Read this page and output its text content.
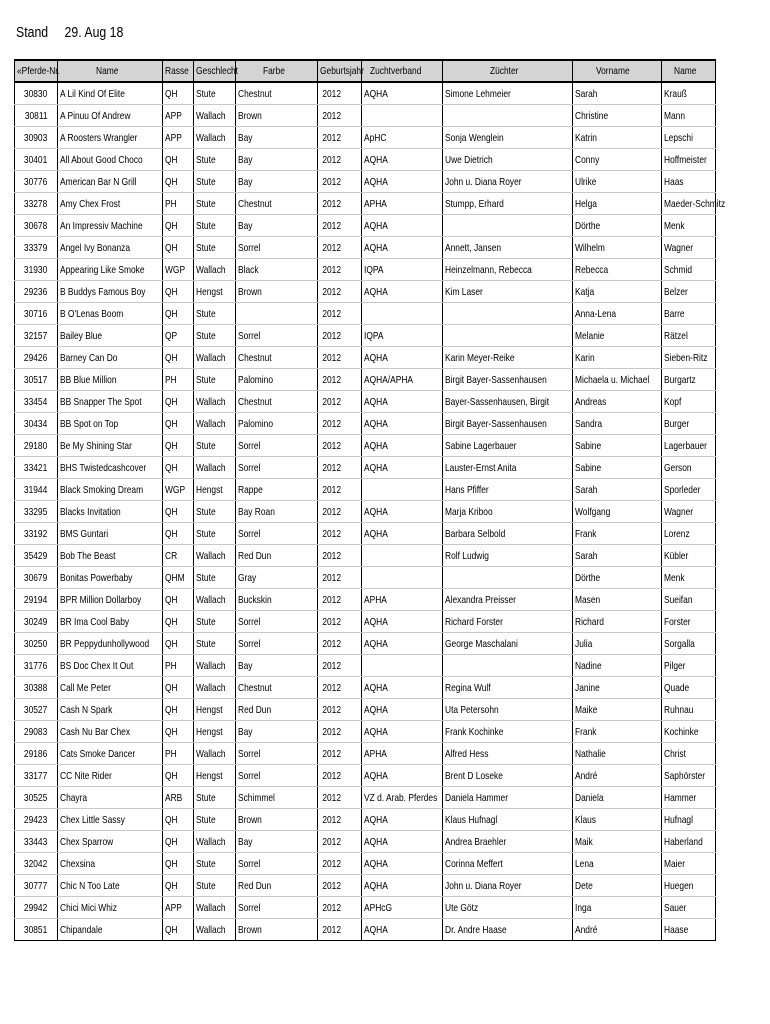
Stand 29. Aug 18
«Pferde-Nr.	Name	Rasse	Geschlecht	Farbe	Geburtsjahr	Zuchtverband	Züchter	Vorname	Name
30830	A Lil Kind Of Elite	QH	Stute	Chestnut	2012	AQHA	Simone Lehmeier	Sarah	Krauß
30811	A Pinuu Of Andrew	APP	Wallach	Brown	2012			Christine	Mann
30903	A Roosters Wrangler	APP	Wallach	Bay	2012	ApHC	Sonja Wenglein	Katrin	Lepschi
30401	All About Good Choco	QH	Stute	Bay	2012	AQHA	Uwe Dietrich	Conny	Hoffmeister
30776	American Bar N Grill	QH	Stute	Bay	2012	AQHA	John u. Diana Royer	Ulrike	Haas
33278	Amy Chex Frost	PH	Stute	Chestnut	2012	APHA	Stumpp, Erhard	Helga	Maeder-Schmitz
30678	An Impressiv Machine	QH	Stute	Bay	2012	AQHA		Dörthe	Menk
33379	Angel Ivy Bonanza	QH	Stute	Sorrel	2012	AQHA	Annett, Jansen	Wilhelm	Wagner
31930	Appearing Like Smoke	WGP	Wallach	Black	2012	IQPA	Heinzelmann, Rebecca	Rebecca	Schmid
29236	B Buddys Famous Boy	QH	Hengst	Brown	2012	AQHA	Kim Laser	Katja	Belzer
30716	B O'Lenas Boom	QH	Stute		2012			Anna-Lena	Barre
32157	Bailey Blue	QP	Stute	Sorrel	2012	IQPA		Melanie	Rätzel
29426	Barney Can Do	QH	Wallach	Chestnut	2012	AQHA	Karin Meyer-Reike	Karin	Sieben-Ritz
30517	BB Blue Million	PH	Stute	Palomino	2012	AQHA/APHA	Birgit Bayer-Sassenhausen	Michaela u. Michael	Burgartz
33454	BB Snapper The Spot	QH	Wallach	Chestnut	2012	AQHA	Bayer-Sassenhausen, Birgit	Andreas	Kopf
30434	BB Spot on Top	QH	Wallach	Palomino	2012	AQHA	Birgit Bayer-Sassenhausen	Sandra	Burger
29180	Be My Shining Star	QH	Stute	Sorrel	2012	AQHA	Sabine Lagerbauer	Sabine	Lagerbauer
33421	BHS Twistedcashcover	QH	Wallach	Sorrel	2012	AQHA	Lauster-Ernst Anita	Sabine	Gerson
31944	Black Smoking Dream	WGP	Hengst	Rappe	2012		Hans Pfiffer	Sarah	Sporleder
33295	Blacks Invitation	QH	Stute	Bay Roan	2012	AQHA	Marja Kriboo	Wolfgang	Wagner
33192	BMS Guntari	QH	Stute	Sorrel	2012	AQHA	Barbara Selbold	Frank	Lorenz
35429	Bob The Beast	CR	Wallach	Red Dun	2012		Rolf Ludwig	Sarah	Kübler
30679	Bonitas Powerbaby	QHM	Stute	Gray	2012			Dörthe	Menk
29194	BPR Million Dollarboy	QH	Wallach	Buckskin	2012	APHA	Alexandra Preisser	Masen	Sueifan
30249	BR Ima Cool Baby	QH	Stute	Sorrel	2012	AQHA	Richard Forster	Richard	Forster
30250	BR Peppydunhollywood	QH	Stute	Sorrel	2012	AQHA	George Maschalani	Julia	Sorgalla
31776	BS Doc Chex It Out	PH	Wallach	Bay	2012			Nadine	Pilger
30388	Call Me Peter	QH	Wallach	Chestnut	2012	AQHA	Regina Wulf	Janine	Quade
30527	Cash N Spark	QH	Hengst	Red Dun	2012	AQHA	Uta Petersohn	Maike	Ruhnau
29083	Cash Nu Bar Chex	QH	Hengst	Bay	2012	AQHA	Frank Kochinke	Frank	Kochinke
29186	Cats Smoke Dancer	PH	Wallach	Sorrel	2012	APHA	Alfred Hess	Nathalie	Christ
33177	CC Nite Rider	QH	Hengst	Sorrel	2012	AQHA	Brent D Loseke	André	Saphörster
30525	Chayra	ARB	Stute	Schimmel	2012	VZ d. Arab. Pferdes	Daniela Hammer	Daniela	Hammer
29423	Chex Little Sassy	QH	Stute	Brown	2012	AQHA	Klaus Hufnagl	Klaus	Hufnagl
33443	Chex Sparrow	QH	Wallach	Bay	2012	AQHA	Andrea Braehler	Maik	Haberland
32042	Chexsina	QH	Stute	Sorrel	2012	AQHA	Corinna Meffert	Lena	Maier
30777	Chic N Too Late	QH	Stute	Red Dun	2012	AQHA	John u. Diana Royer	Dete	Huegen
29942	Chici Mici Whiz	APP	Wallach	Sorrel	2012	APHcG	Ute Götz	Inga	Sauer
30851	Chipandale	QH	Wallach	Brown	2012	AQHA	Dr. Andre Haase	André	Haase
